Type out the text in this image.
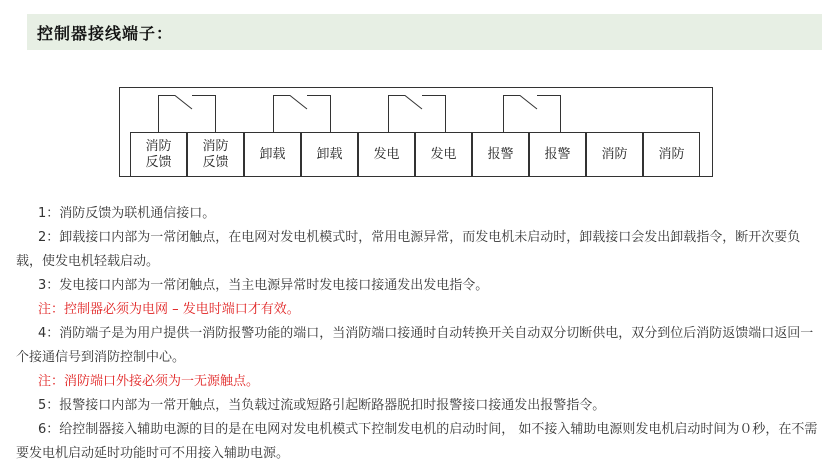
控制器接线端子：
消防
反馈
消防
反馈
卸载 卸载 发电 发电 报警 报警 消防 消防

1：消防反馈为联机通信接口。

2：卸载接口内部为一常闭触点，在电网对发电机模式时，常用电源异常，而发电机未启动时，卸载接口会发出卸载指令，断开次要负载，使发电机轻载启动。

3：发电接口内部为一常闭触点，当主电源异常时发电接口接通发出发电指令。

注：控制器必须为电网 – 发电时端口才有效。

4：消防端子是为用户提供一消防报警功能的端口，当消防端口接通时自动转换开关自动双分切断供电，双分到位后消防返馈端口返回一个接通信号到消防控制中心。

注：消防端口外接必须为一无源触点。

5：报警接口内部为一常开触点，当负载过流或短路引起断路器脱扣时报警接口接通发出报警指令。

6：给控制器接入辅助电源的目的是在电网对发电机模式下控制发电机的启动时间， 如不接入辅助电源则发电机启动时间为０秒，在不需要发电机启动延时功能时可不用接入辅助电源。
